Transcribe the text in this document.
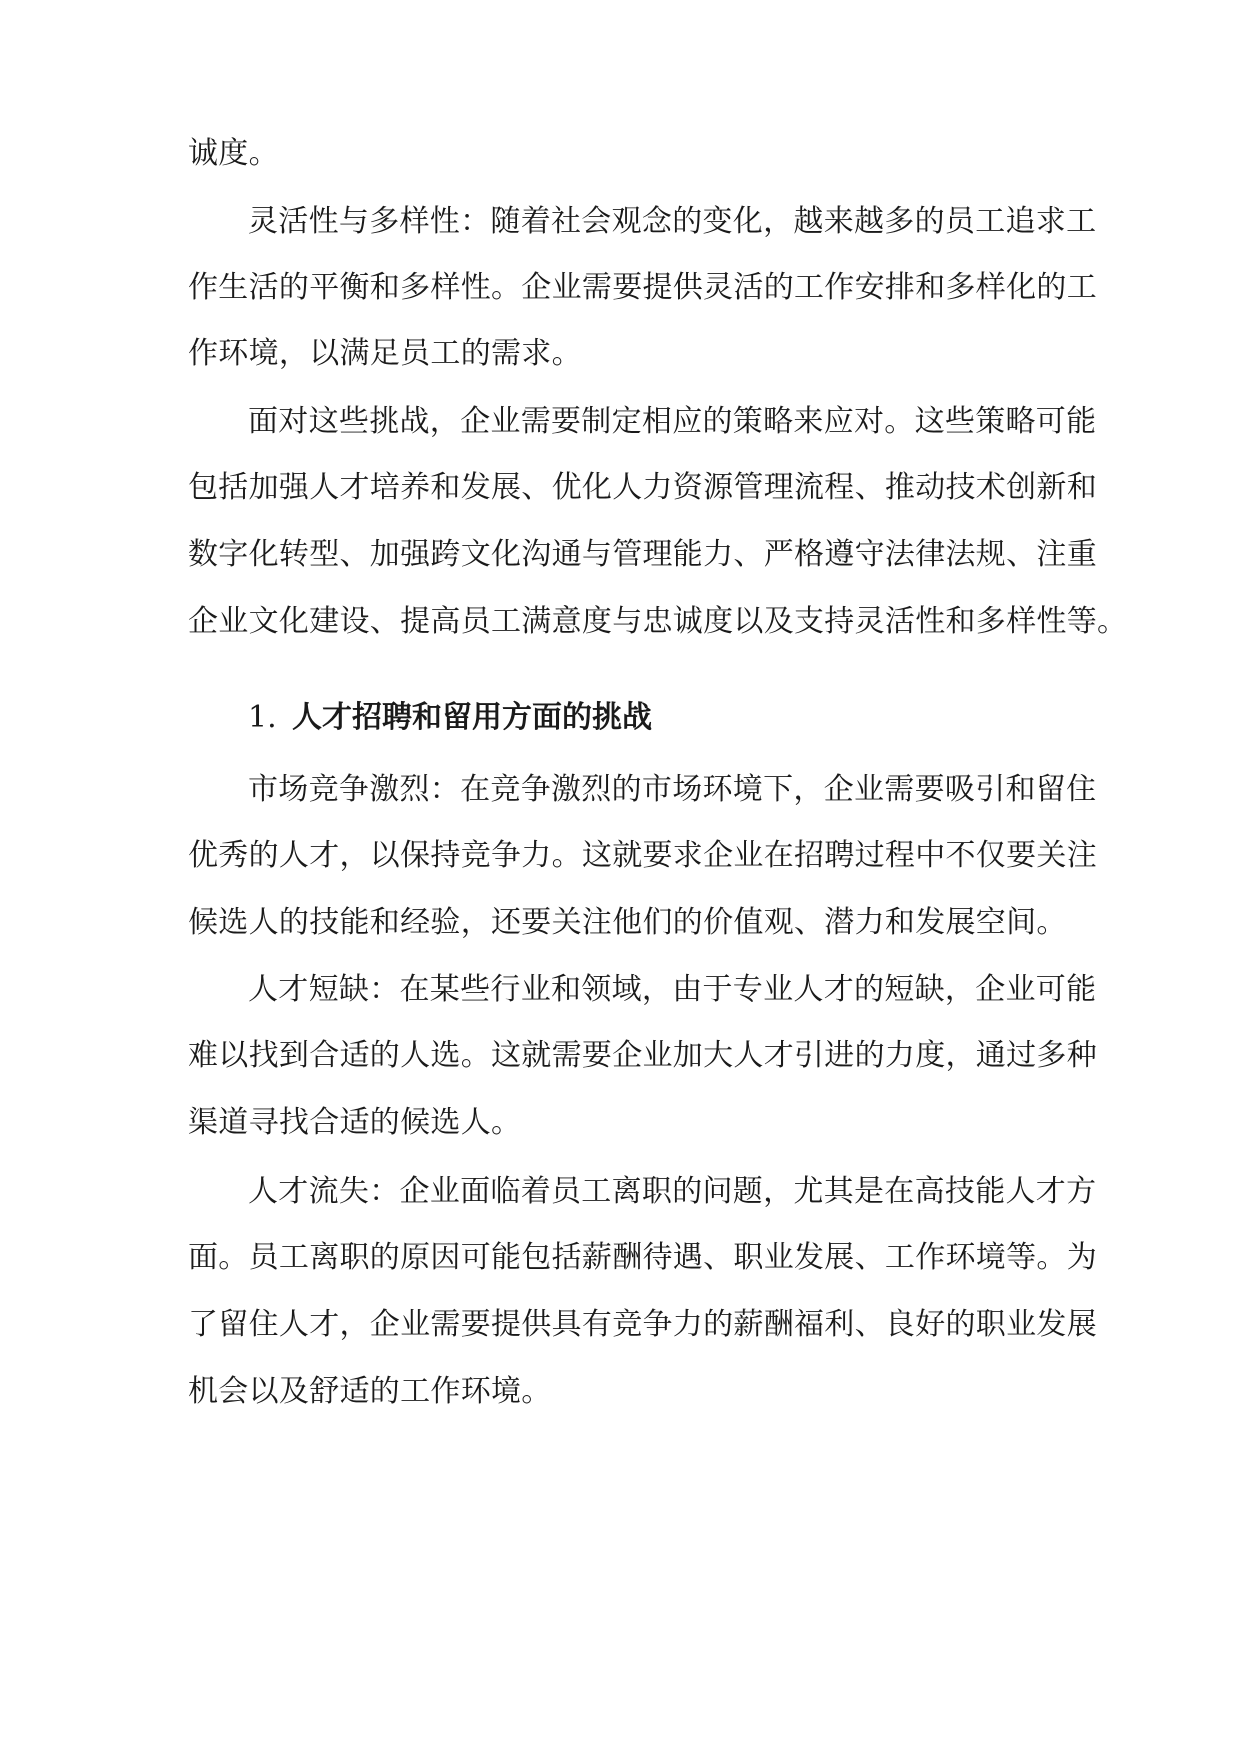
诚度。
灵活性与多样性：随着社会观念的变化，越来越多的员工追求工
作生活的平衡和多样性。企业需要提供灵活的工作安排和多样化的工
作环境，以满足员工的需求。
面对这些挑战，企业需要制定相应的策略来应对。这些策略可能
包括加强人才培养和发展、优化人力资源管理流程、推动技术创新和
数字化转型、加强跨文化沟通与管理能力、严格遵守法律法规、注重
企业文化建设、提高员工满意度与忠诚度以及支持灵活性和多样性等。
1. 人才招聘和留用方面的挑战
市场竞争激烈：在竞争激烈的市场环境下，企业需要吸引和留住
优秀的人才，以保持竞争力。这就要求企业在招聘过程中不仅要关注
候选人的技能和经验，还要关注他们的价值观、潜力和发展空间。
人才短缺：在某些行业和领域，由于专业人才的短缺，企业可能
难以找到合适的人选。这就需要企业加大人才引进的力度，通过多种
渠道寻找合适的候选人。
人才流失：企业面临着员工离职的问题，尤其是在高技能人才方
面。员工离职的原因可能包括薪酬待遇、职业发展、工作环境等。为
了留住人才，企业需要提供具有竞争力的薪酬福利、良好的职业发展
机会以及舒适的工作环境。
